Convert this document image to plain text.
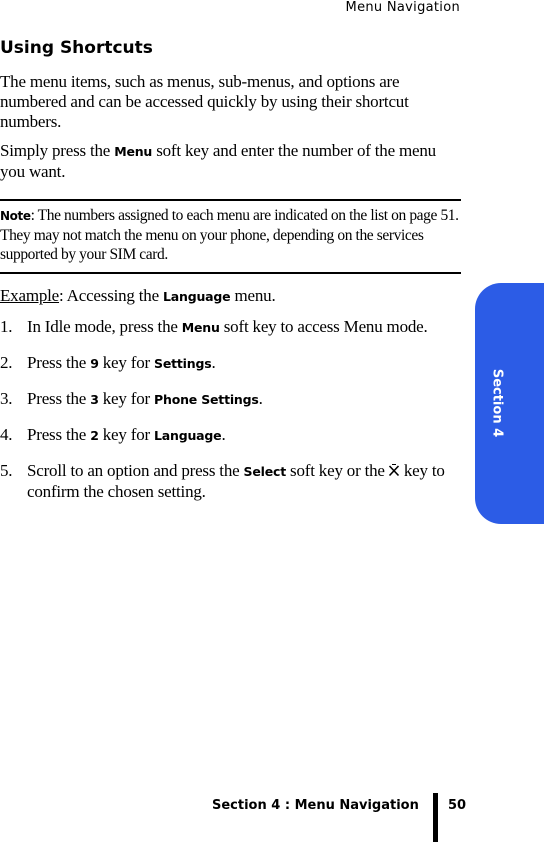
Menu Navigation
Section 4
Using Shortcuts

The menu items, such as menus, sub-menus, and options are numbered and can be accessed quickly by using their shortcut numbers.

Simply press the Menu soft key and enter the number of the menu you want.

Note: The numbers assigned to each menu are indicated on the list on page 51. They may not match the menu on your phone, depending on the services supported by your SIM card.

Example: Accessing the Language menu.

1. In Idle mode, press the Menu soft key to access Menu mode.
2. Press the 9 key for Settings.
3. Press the 3 key for Phone Settings.
4. Press the 2 key for Language.
5. Scroll to an option and press the Select soft key or the key to confirm the chosen setting.
Section 4 : Menu Navigation 50
